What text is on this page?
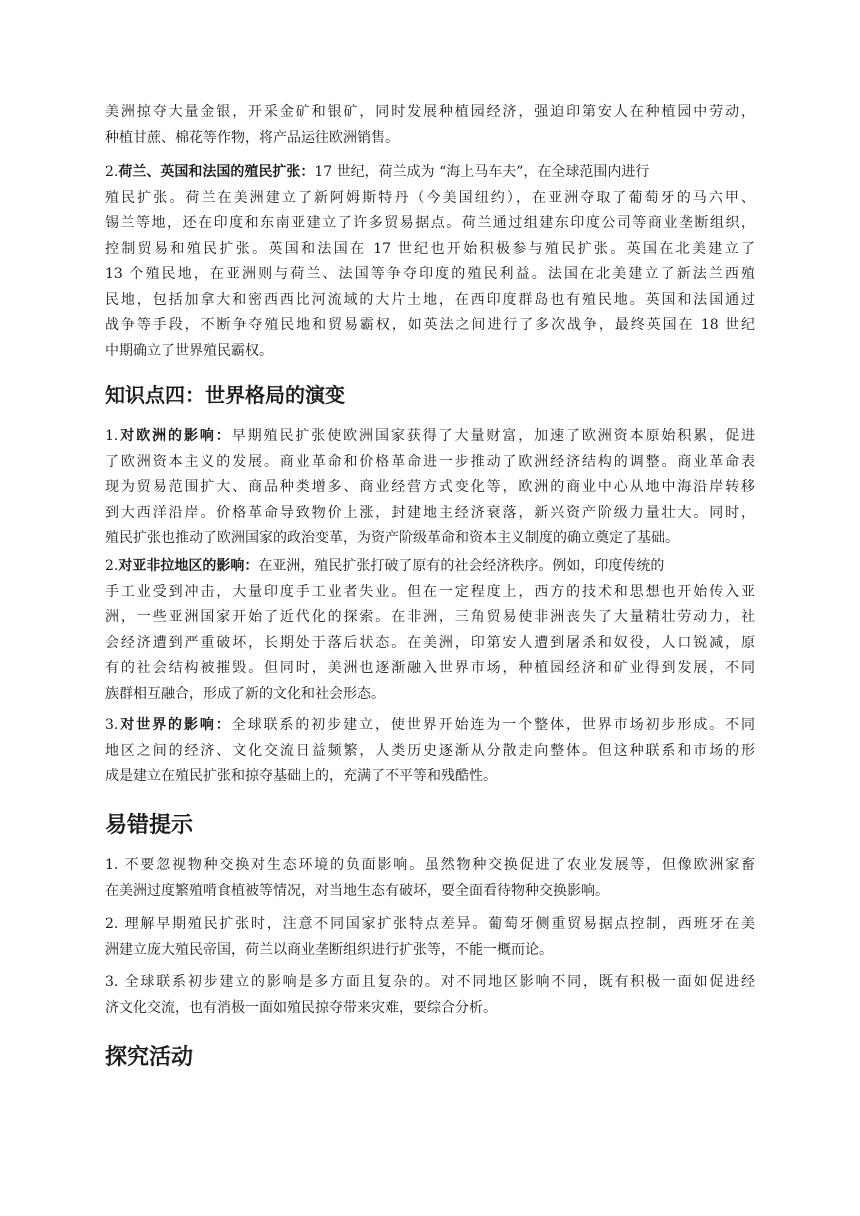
美洲掠夺大量金银，开采金矿和银矿，同时发展种植园经济，强迫印第安人在种植园中劳动，
种植甘蔗、棉花等作物，将产品运往欧洲销售。

2.荷兰、英国和法国的殖民扩张：17 世纪，荷兰成为 “海上马车夫”，在全球范围内进行
殖民扩张。荷兰在美洲建立了新阿姆斯特丹（今美国纽约），在亚洲夺取了葡萄牙的马六甲、
锡兰等地，还在印度和东南亚建立了许多贸易据点。荷兰通过组建东印度公司等商业垄断组织，
控制贸易和殖民扩张。英国和法国在 17 世纪也开始积极参与殖民扩张。英国在北美建立了
13 个殖民地，在亚洲则与荷兰、法国等争夺印度的殖民利益。法国在北美建立了新法兰西殖
民地，包括加拿大和密西西比河流域的大片土地，在西印度群岛也有殖民地。英国和法国通过
战争等手段，不断争夺殖民地和贸易霸权，如英法之间进行了多次战争，最终英国在 18 世纪
中期确立了世界殖民霸权。

知识点四：世界格局的演变

1.对欧洲的影响：早期殖民扩张使欧洲国家获得了大量财富，加速了欧洲资本原始积累，促进
了欧洲资本主义的发展。商业革命和价格革命进一步推动了欧洲经济结构的调整。商业革命表
现为贸易范围扩大、商品种类增多、商业经营方式变化等，欧洲的商业中心从地中海沿岸转移
到大西洋沿岸。价格革命导致物价上涨，封建地主经济衰落，新兴资产阶级力量壮大。同时，
殖民扩张也推动了欧洲国家的政治变革，为资产阶级革命和资本主义制度的确立奠定了基础。

2.对亚非拉地区的影响：在亚洲，殖民扩张打破了原有的社会经济秩序。例如，印度传统的
手工业受到冲击，大量印度手工业者失业。但在一定程度上，西方的技术和思想也开始传入亚
洲，一些亚洲国家开始了近代化的探索。在非洲，三角贸易使非洲丧失了大量精壮劳动力，社
会经济遭到严重破坏，长期处于落后状态。在美洲，印第安人遭到屠杀和奴役，人口锐减，原
有的社会结构被摧毁。但同时，美洲也逐渐融入世界市场，种植园经济和矿业得到发展，不同
族群相互融合，形成了新的文化和社会形态。

3.对世界的影响：全球联系的初步建立，使世界开始连为一个整体，世界市场初步形成。不同
地区之间的经济、文化交流日益频繁，人类历史逐渐从分散走向整体。但这种联系和市场的形
成是建立在殖民扩张和掠夺基础上的，充满了不平等和残酷性。

易错提示

1. 不要忽视物种交换对生态环境的负面影响。虽然物种交换促进了农业发展等，但像欧洲家畜
在美洲过度繁殖啃食植被等情况，对当地生态有破坏，要全面看待物种交换影响。

2. 理解早期殖民扩张时，注意不同国家扩张特点差异。葡萄牙侧重贸易据点控制，西班牙在美
洲建立庞大殖民帝国，荷兰以商业垄断组织进行扩张等，不能一概而论。

3. 全球联系初步建立的影响是多方面且复杂的。对不同地区影响不同，既有积极一面如促进经
济文化交流，也有消极一面如殖民掠夺带来灾难，要综合分析。

探究活动
